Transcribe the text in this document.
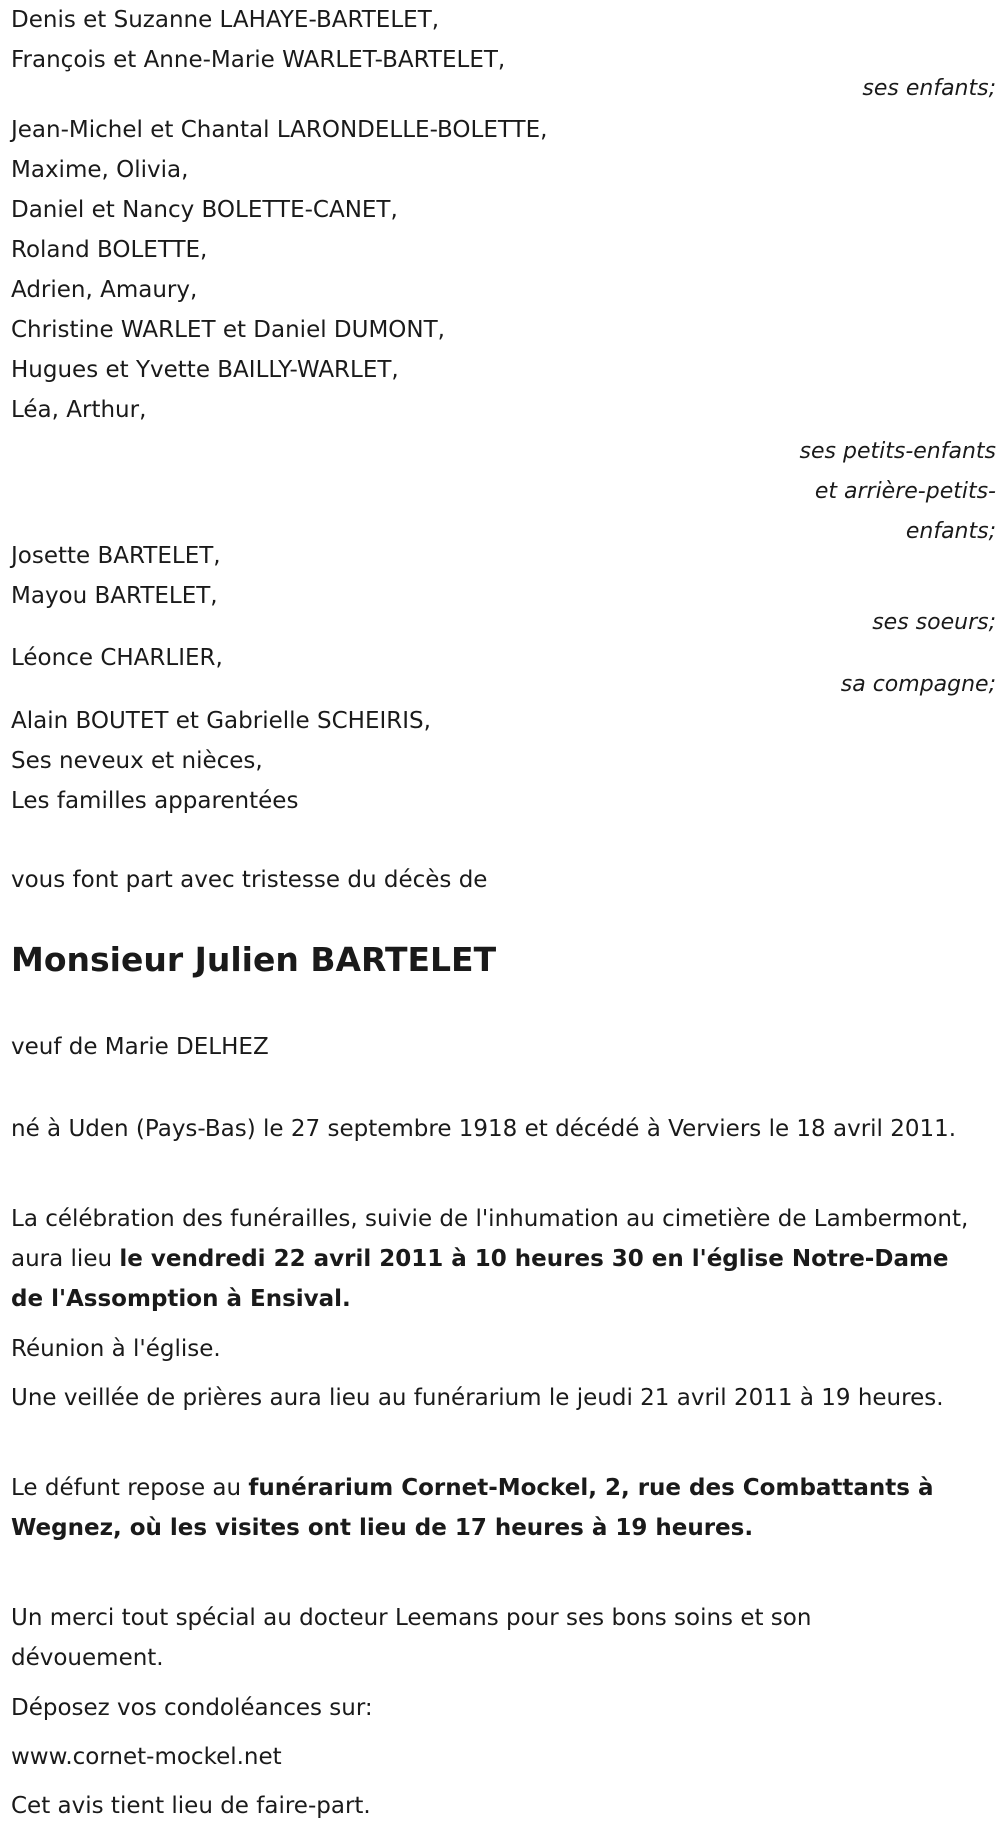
Denis et Suzanne LAHAYE-BARTELET,
François et Anne-Marie WARLET-BARTELET,
ses enfants;
Jean-Michel et Chantal LARONDELLE-BOLETTE,
Maxime, Olivia,
Daniel et Nancy BOLETTE-CANET,
Roland BOLETTE,
Adrien, Amaury,
Christine WARLET et Daniel DUMONT,
Hugues et Yvette BAILLY-WARLET,
Léa, Arthur,
ses petits-enfants
et arrière-petits-
enfants;
Josette BARTELET,
Mayou BARTELET,
ses soeurs;
Léonce CHARLIER,
sa compagne;
Alain BOUTET et Gabrielle SCHEIRIS,
Ses neveux et nièces,
Les familles apparentées
vous font part avec tristesse du décès de
Monsieur Julien BARTELET
veuf de Marie DELHEZ
né à Uden (Pays-Bas) le 27 septembre 1918 et décédé à Verviers le 18 avril 2011.
La célébration des funérailles, suivie de l'inhumation au cimetière de Lambermont, aura lieu le vendredi 22 avril 2011 à 10 heures 30 en l'église Notre-Dame de l'Assomption à Ensival.
Réunion à l'église.
Une veillée de prières aura lieu au funérarium le jeudi 21 avril 2011 à 19 heures.
Le défunt repose au funérarium Cornet-Mockel, 2, rue des Combattants à Wegnez, où les visites ont lieu de 17 heures à 19 heures.
Un merci tout spécial au docteur Leemans pour ses bons soins et son dévouement.
Déposez vos condoléances sur:
www.cornet-mockel.net
Cet avis tient lieu de faire-part.
